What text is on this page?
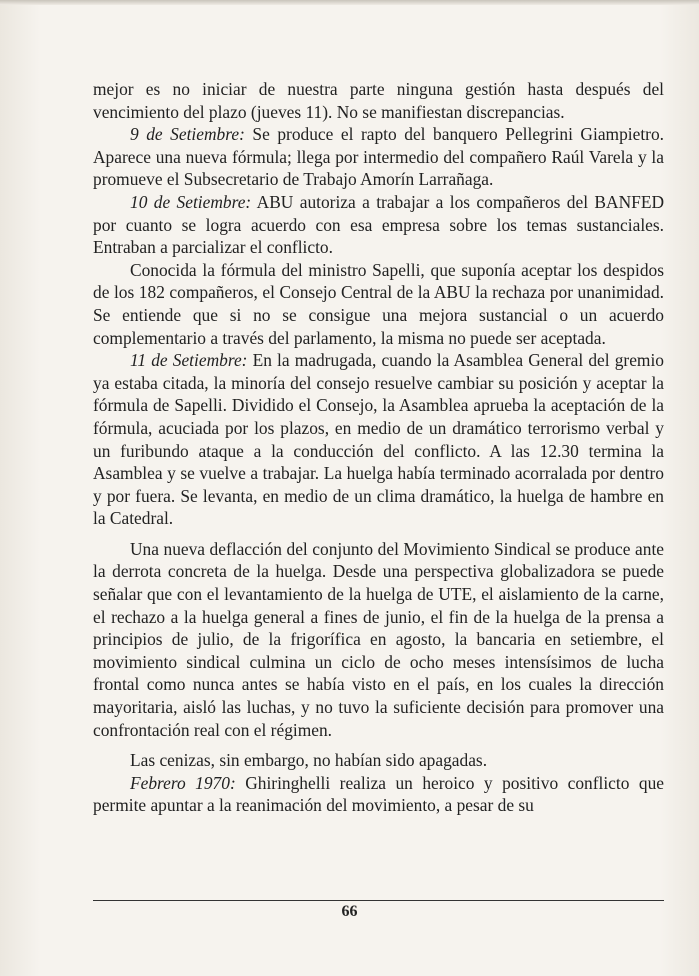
mejor es no iniciar de nuestra parte ninguna gestión hasta después del vencimiento del plazo (jueves 11). No se manifiestan discrepancias.

9 de Setiembre: Se produce el rapto del banquero Pellegrini Giampietro. Aparece una nueva fórmula; llega por intermedio del compañero Raúl Varela y la promueve el Subsecretario de Trabajo Amorín Larrañaga.

10 de Setiembre: ABU autoriza a trabajar a los compañeros del BANFED por cuanto se logra acuerdo con esa empresa sobre los temas sustanciales. Entraban a parcializar el conflicto.

Conocida la fórmula del ministro Sapelli, que suponía aceptar los despidos de los 182 compañeros, el Consejo Central de la ABU la rechaza por unanimidad. Se entiende que si no se consigue una mejora sustancial o un acuerdo complementario a través del parlamento, la misma no puede ser aceptada.

11 de Setiembre: En la madrugada, cuando la Asamblea General del gremio ya estaba citada, la minoría del consejo resuelve cambiar su posición y aceptar la fórmula de Sapelli. Dividido el Consejo, la Asamblea aprueba la aceptación de la fórmula, acuciada por los plazos, en medio de un dramático terrorismo verbal y un furibundo ataque a la conducción del conflicto. A las 12.30 termina la Asamblea y se vuelve a trabajar. La huelga había terminado acorralada por dentro y por fuera. Se levanta, en medio de un clima dramático, la huelga de hambre en la Catedral.

Una nueva deflacción del conjunto del Movimiento Sindical se produce ante la derrota concreta de la huelga. Desde una perspectiva globalizadora se puede señalar que con el levantamiento de la huelga de UTE, el aislamiento de la carne, el rechazo a la huelga general a fines de junio, el fin de la huelga de la prensa a principios de julio, de la frigorífica en agosto, la bancaria en setiembre, el movimiento sindical culmina un ciclo de ocho meses intensísimos de lucha frontal como nunca antes se había visto en el país, en los cuales la dirección mayoritaria, aisló las luchas, y no tuvo la suficiente decisión para promover una confrontación real con el régimen.

Las cenizas, sin embargo, no habían sido apagadas.

Febrero 1970: Ghiringhelli realiza un heroico y positivo conflicto que permite apuntar a la reanimación del movimiento, a pesar de su

66
